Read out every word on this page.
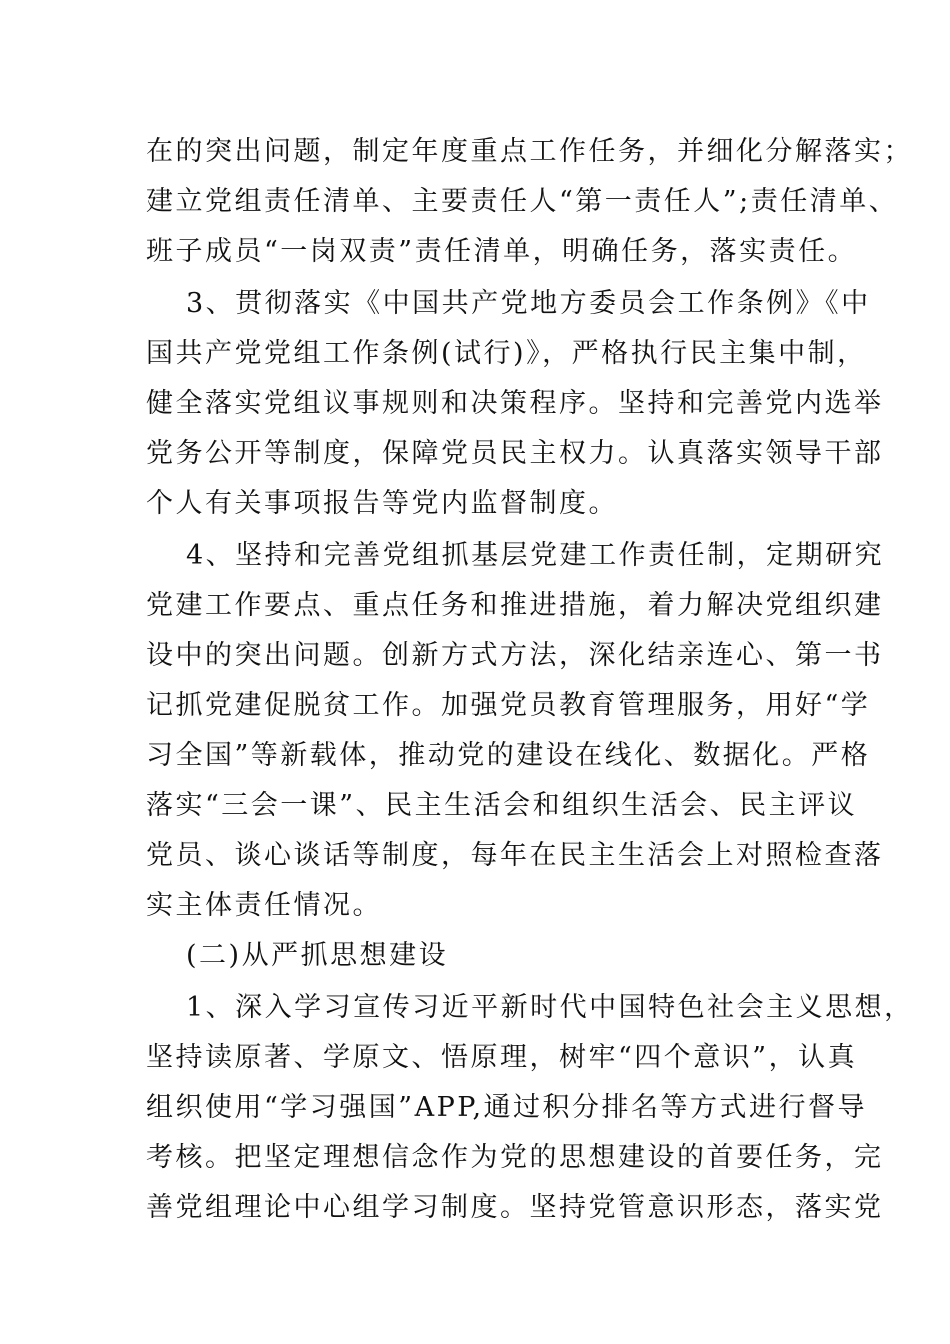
在的突出问题，制定年度重点工作任务，并细化分解落实；
建立党组责任清单、主要责任人“第一责任人”;责任清单、
班子成员“一岗双责”责任清单，明确任务，落实责任。
3、贯彻落实《中国共产党地方委员会工作条例》《中
国共产党党组工作条例(试行)》，严格执行民主集中制，
健全落实党组议事规则和决策程序。坚持和完善党内选举
党务公开等制度，保障党员民主权力。认真落实领导干部
个人有关事项报告等党内监督制度。
4、坚持和完善党组抓基层党建工作责任制，定期研究
党建工作要点、重点任务和推进措施，着力解决党组织建
设中的突出问题。创新方式方法，深化结亲连心、第一书
记抓党建促脱贫工作。加强党员教育管理服务，用好“学
习全国”等新载体，推动党的建设在线化、数据化。严格
落实“三会一课”、民主生活会和组织生活会、民主评议
党员、谈心谈话等制度，每年在民主生活会上对照检查落
实主体责任情况。
(二)从严抓思想建设
1、深入学习宣传习近平新时代中国特色社会主义思想，
坚持读原著、学原文、悟原理，树牢“四个意识”，认真
组织使用“学习强国”APP,通过积分排名等方式进行督导
考核。把坚定理想信念作为党的思想建设的首要任务，完
善党组理论中心组学习制度。坚持党管意识形态，落实党
